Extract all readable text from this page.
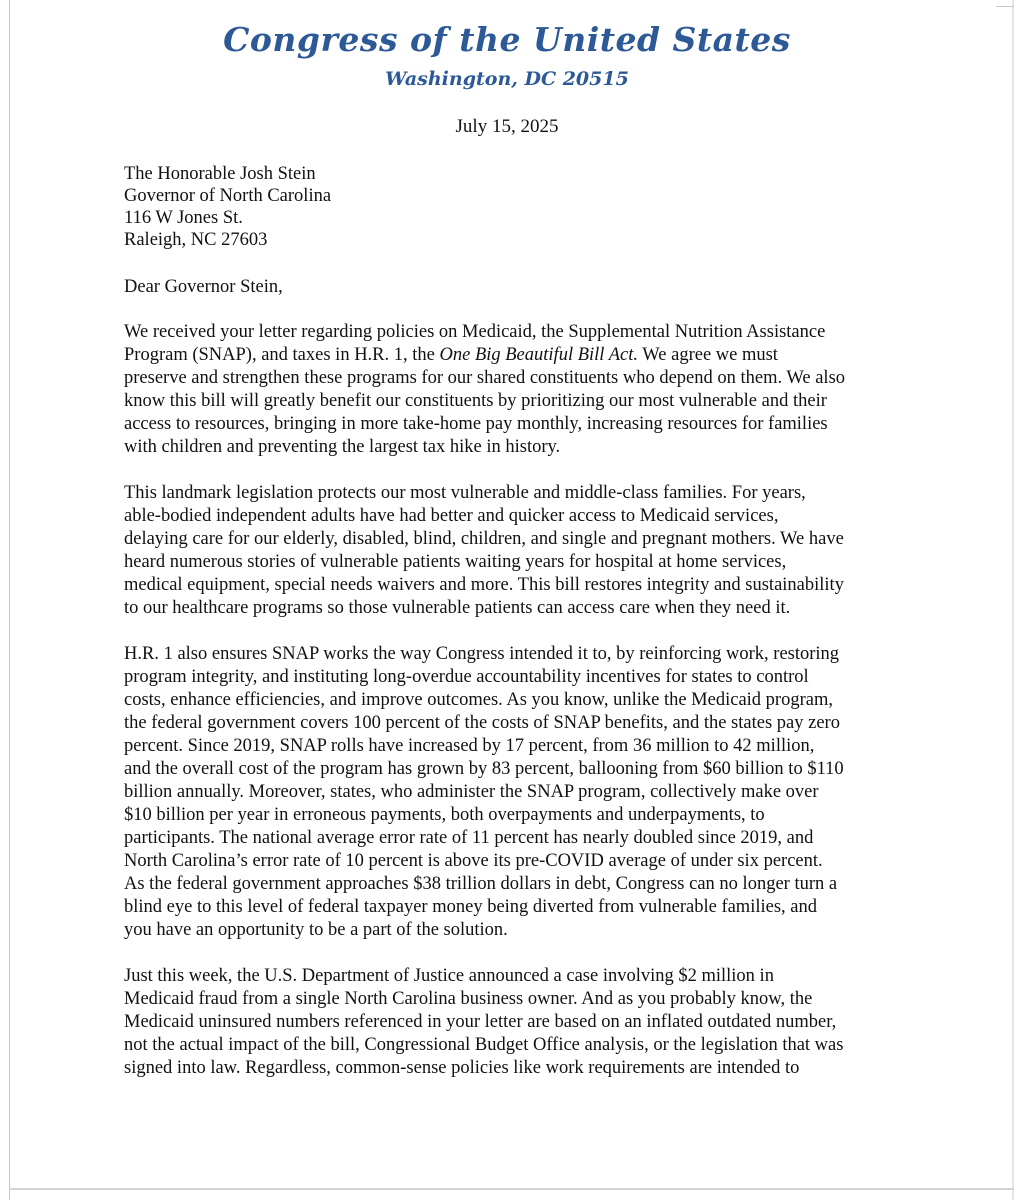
Congress of the United States
Washington, DC 20515
July 15, 2025
The Honorable Josh Stein
Governor of North Carolina
116 W Jones St.
Raleigh, NC 27603
Dear Governor Stein,
We received your letter regarding policies on Medicaid, the Supplemental Nutrition Assistance
Program (SNAP), and taxes in H.R. 1, the One Big Beautiful Bill Act. We agree we must
preserve and strengthen these programs for our shared constituents who depend on them. We also
know this bill will greatly benefit our constituents by prioritizing our most vulnerable and their
access to resources, bringing in more take-home pay monthly, increasing resources for families
with children and preventing the largest tax hike in history.
This landmark legislation protects our most vulnerable and middle-class families. For years,
able-bodied independent adults have had better and quicker access to Medicaid services,
delaying care for our elderly, disabled, blind, children, and single and pregnant mothers. We have
heard numerous stories of vulnerable patients waiting years for hospital at home services,
medical equipment, special needs waivers and more. This bill restores integrity and sustainability
to our healthcare programs so those vulnerable patients can access care when they need it.
H.R. 1 also ensures SNAP works the way Congress intended it to, by reinforcing work, restoring
program integrity, and instituting long-overdue accountability incentives for states to control
costs, enhance efficiencies, and improve outcomes. As you know, unlike the Medicaid program,
the federal government covers 100 percent of the costs of SNAP benefits, and the states pay zero
percent. Since 2019, SNAP rolls have increased by 17 percent, from 36 million to 42 million,
and the overall cost of the program has grown by 83 percent, ballooning from $60 billion to $110
billion annually. Moreover, states, who administer the SNAP program, collectively make over
$10 billion per year in erroneous payments, both overpayments and underpayments, to
participants. The national average error rate of 11 percent has nearly doubled since 2019, and
North Carolina’s error rate of 10 percent is above its pre-COVID average of under six percent.
As the federal government approaches $38 trillion dollars in debt, Congress can no longer turn a
blind eye to this level of federal taxpayer money being diverted from vulnerable families, and
you have an opportunity to be a part of the solution.
Just this week, the U.S. Department of Justice announced a case involving $2 million in
Medicaid fraud from a single North Carolina business owner. And as you probably know, the
Medicaid uninsured numbers referenced in your letter are based on an inflated outdated number,
not the actual impact of the bill, Congressional Budget Office analysis, or the legislation that was
signed into law. Regardless, common-sense policies like work requirements are intended to
